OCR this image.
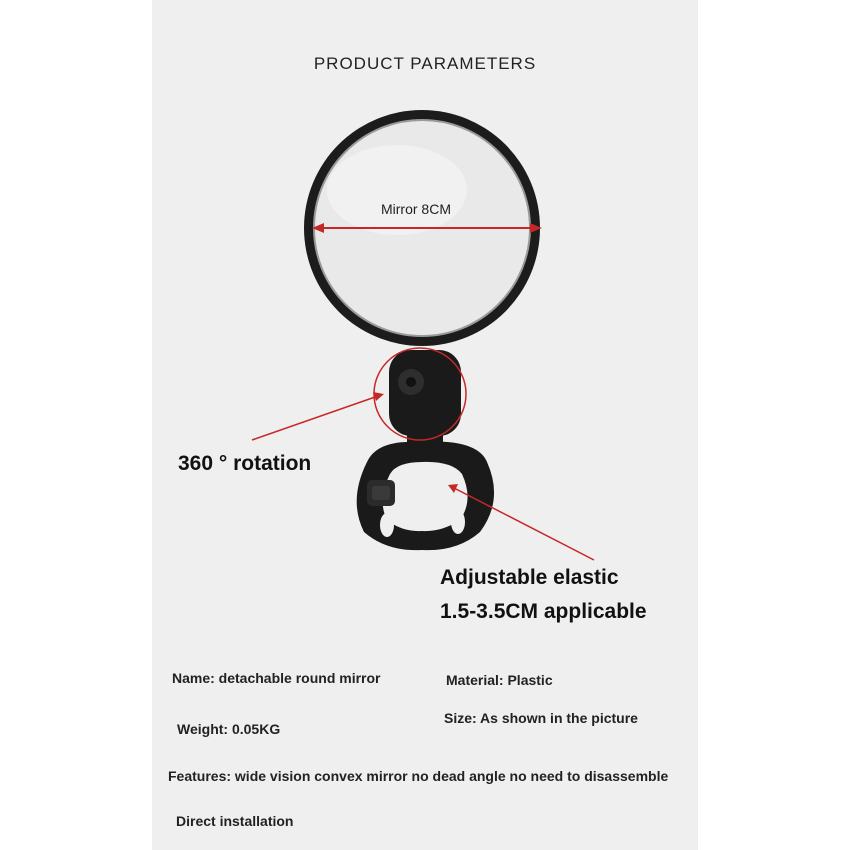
PRODUCT PARAMETERS
Mirror 8CM
360 ° rotation
Adjustable elastic
1.5-3.5CM applicable
Name: detachable round mirror	Material: Plastic
Weight: 0.05KG
Size: As shown in the picture
Features: wide vision convex mirror no dead angle no need to disassemble
Direct installation
